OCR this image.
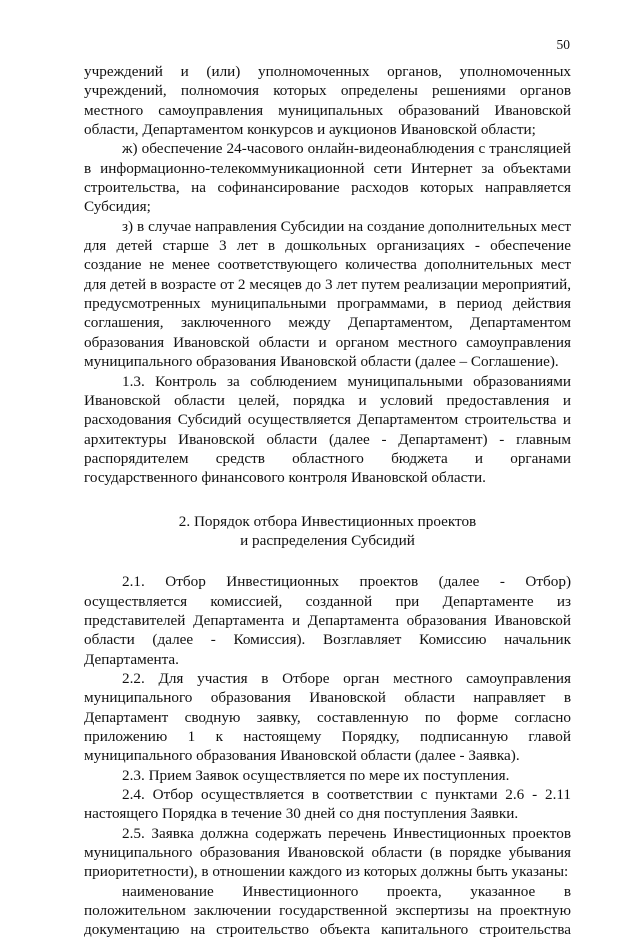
50

учреждений и (или) уполномоченных органов, уполномоченных учреждений, полномочия которых определены решениями органов местного самоуправления муниципальных образований Ивановской области, Департаментом конкурсов и аукционов Ивановской области;

ж) обеспечение 24-часового онлайн-видеонаблюдения с трансляцией в информационно-телекоммуникационной сети Интернет за объектами строительства, на софинансирование расходов которых направляется Субсидия;

з) в случае направления Субсидии на создание дополнительных мест для детей старше 3 лет в дошкольных организациях - обеспечение создание не менее соответствующего количества дополнительных мест для детей в возрасте от 2 месяцев до 3 лет путем реализации мероприятий, предусмотренных муниципальными программами, в период действия соглашения, заключенного между Департаментом, Департаментом образования Ивановской области и органом местного самоуправления муниципального образования Ивановской области (далее – Соглашение).

1.3. Контроль за соблюдением муниципальными образованиями Ивановской области целей, порядка и условий предоставления и расходования Субсидий осуществляется Департаментом строительства и архитектуры Ивановской области (далее - Департамент) - главным распорядителем средств областного бюджета и органами государственного финансового контроля Ивановской области.

2. Порядок отбора Инвестиционных проектов

и распределения Субсидий

2.1. Отбор Инвестиционных проектов (далее - Отбор) осуществляется комиссией, созданной при Департаменте из представителей Департамента и Департамента образования Ивановской области (далее - Комиссия). Возглавляет Комиссию начальник Департамента.

2.2. Для участия в Отборе орган местного самоуправления муниципального образования Ивановской области направляет в Департамент сводную заявку, составленную по форме согласно приложению 1 к настоящему Порядку, подписанную главой муниципального образования Ивановской области (далее - Заявка).

2.3. Прием Заявок осуществляется по мере их поступления.

2.4. Отбор осуществляется в соответствии с пунктами 2.6 - 2.11 настоящего Порядка в течение 30 дней со дня поступления Заявки.

2.5. Заявка должна содержать перечень Инвестиционных проектов муниципального образования Ивановской области (в порядке убывания приоритетности), в отношении каждого из которых должны быть указаны:

наименование Инвестиционного проекта, указанное в положительном заключении государственной экспертизы на проектную документацию на строительство объекта капитального строительства
